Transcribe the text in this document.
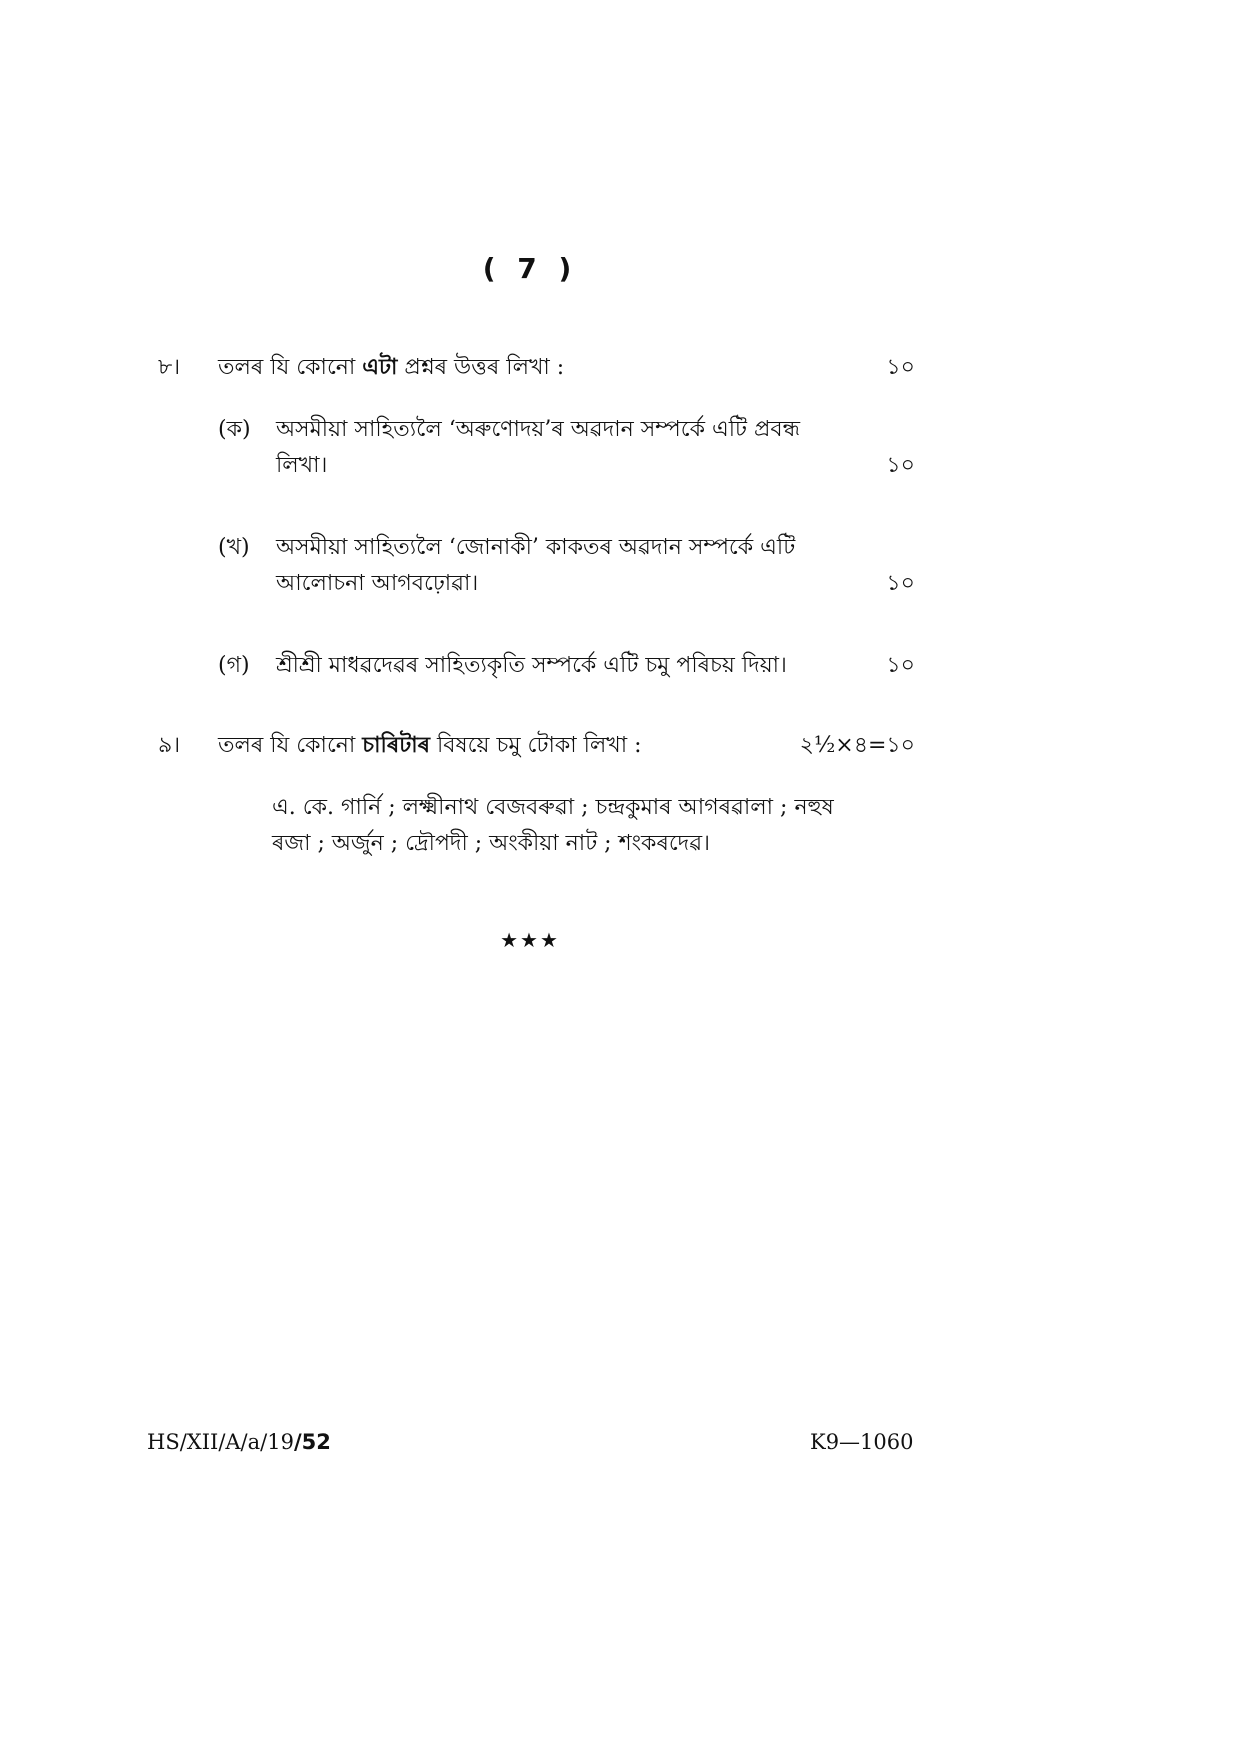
( 7 )
৮। তলৰ যি কোনো এটা প্ৰশ্নৰ উত্তৰ লিখা :	১০
(ক) অসমীয়া সাহিত্যলৈ ‘অৰুণোদয়’ৰ অৱদান সম্পৰ্কে এটি প্ৰবন্ধ
লিখা।	১০
(খ) অসমীয়া সাহিত্যলৈ ‘জোনাকী’ কাকতৰ অৱদান সম্পৰ্কে এটি
আলোচনা আগবঢ়োৱা।	১০
(গ) শ্ৰীশ্ৰী মাধৱদেৱৰ সাহিত্যকৃতি সম্পৰ্কে এটি চমু পৰিচয় দিয়া।	১০
৯। তলৰ যি কোনো চাৰিটাৰ বিষয়ে চমু টোকা লিখা :	২½×৪=১০
এ. কে. গাৰ্নি ; লক্ষ্মীনাথ বেজবৰুৱা ; চন্দ্ৰকুমাৰ আগৰৱালা ; নহুষ
ৰজা ; অৰ্জুন ; দ্ৰৌপদী ; অংকীয়া নাট ; শংকৰদেৱ।
★★★
HS/XII/A/a/19/52	K9—1060
